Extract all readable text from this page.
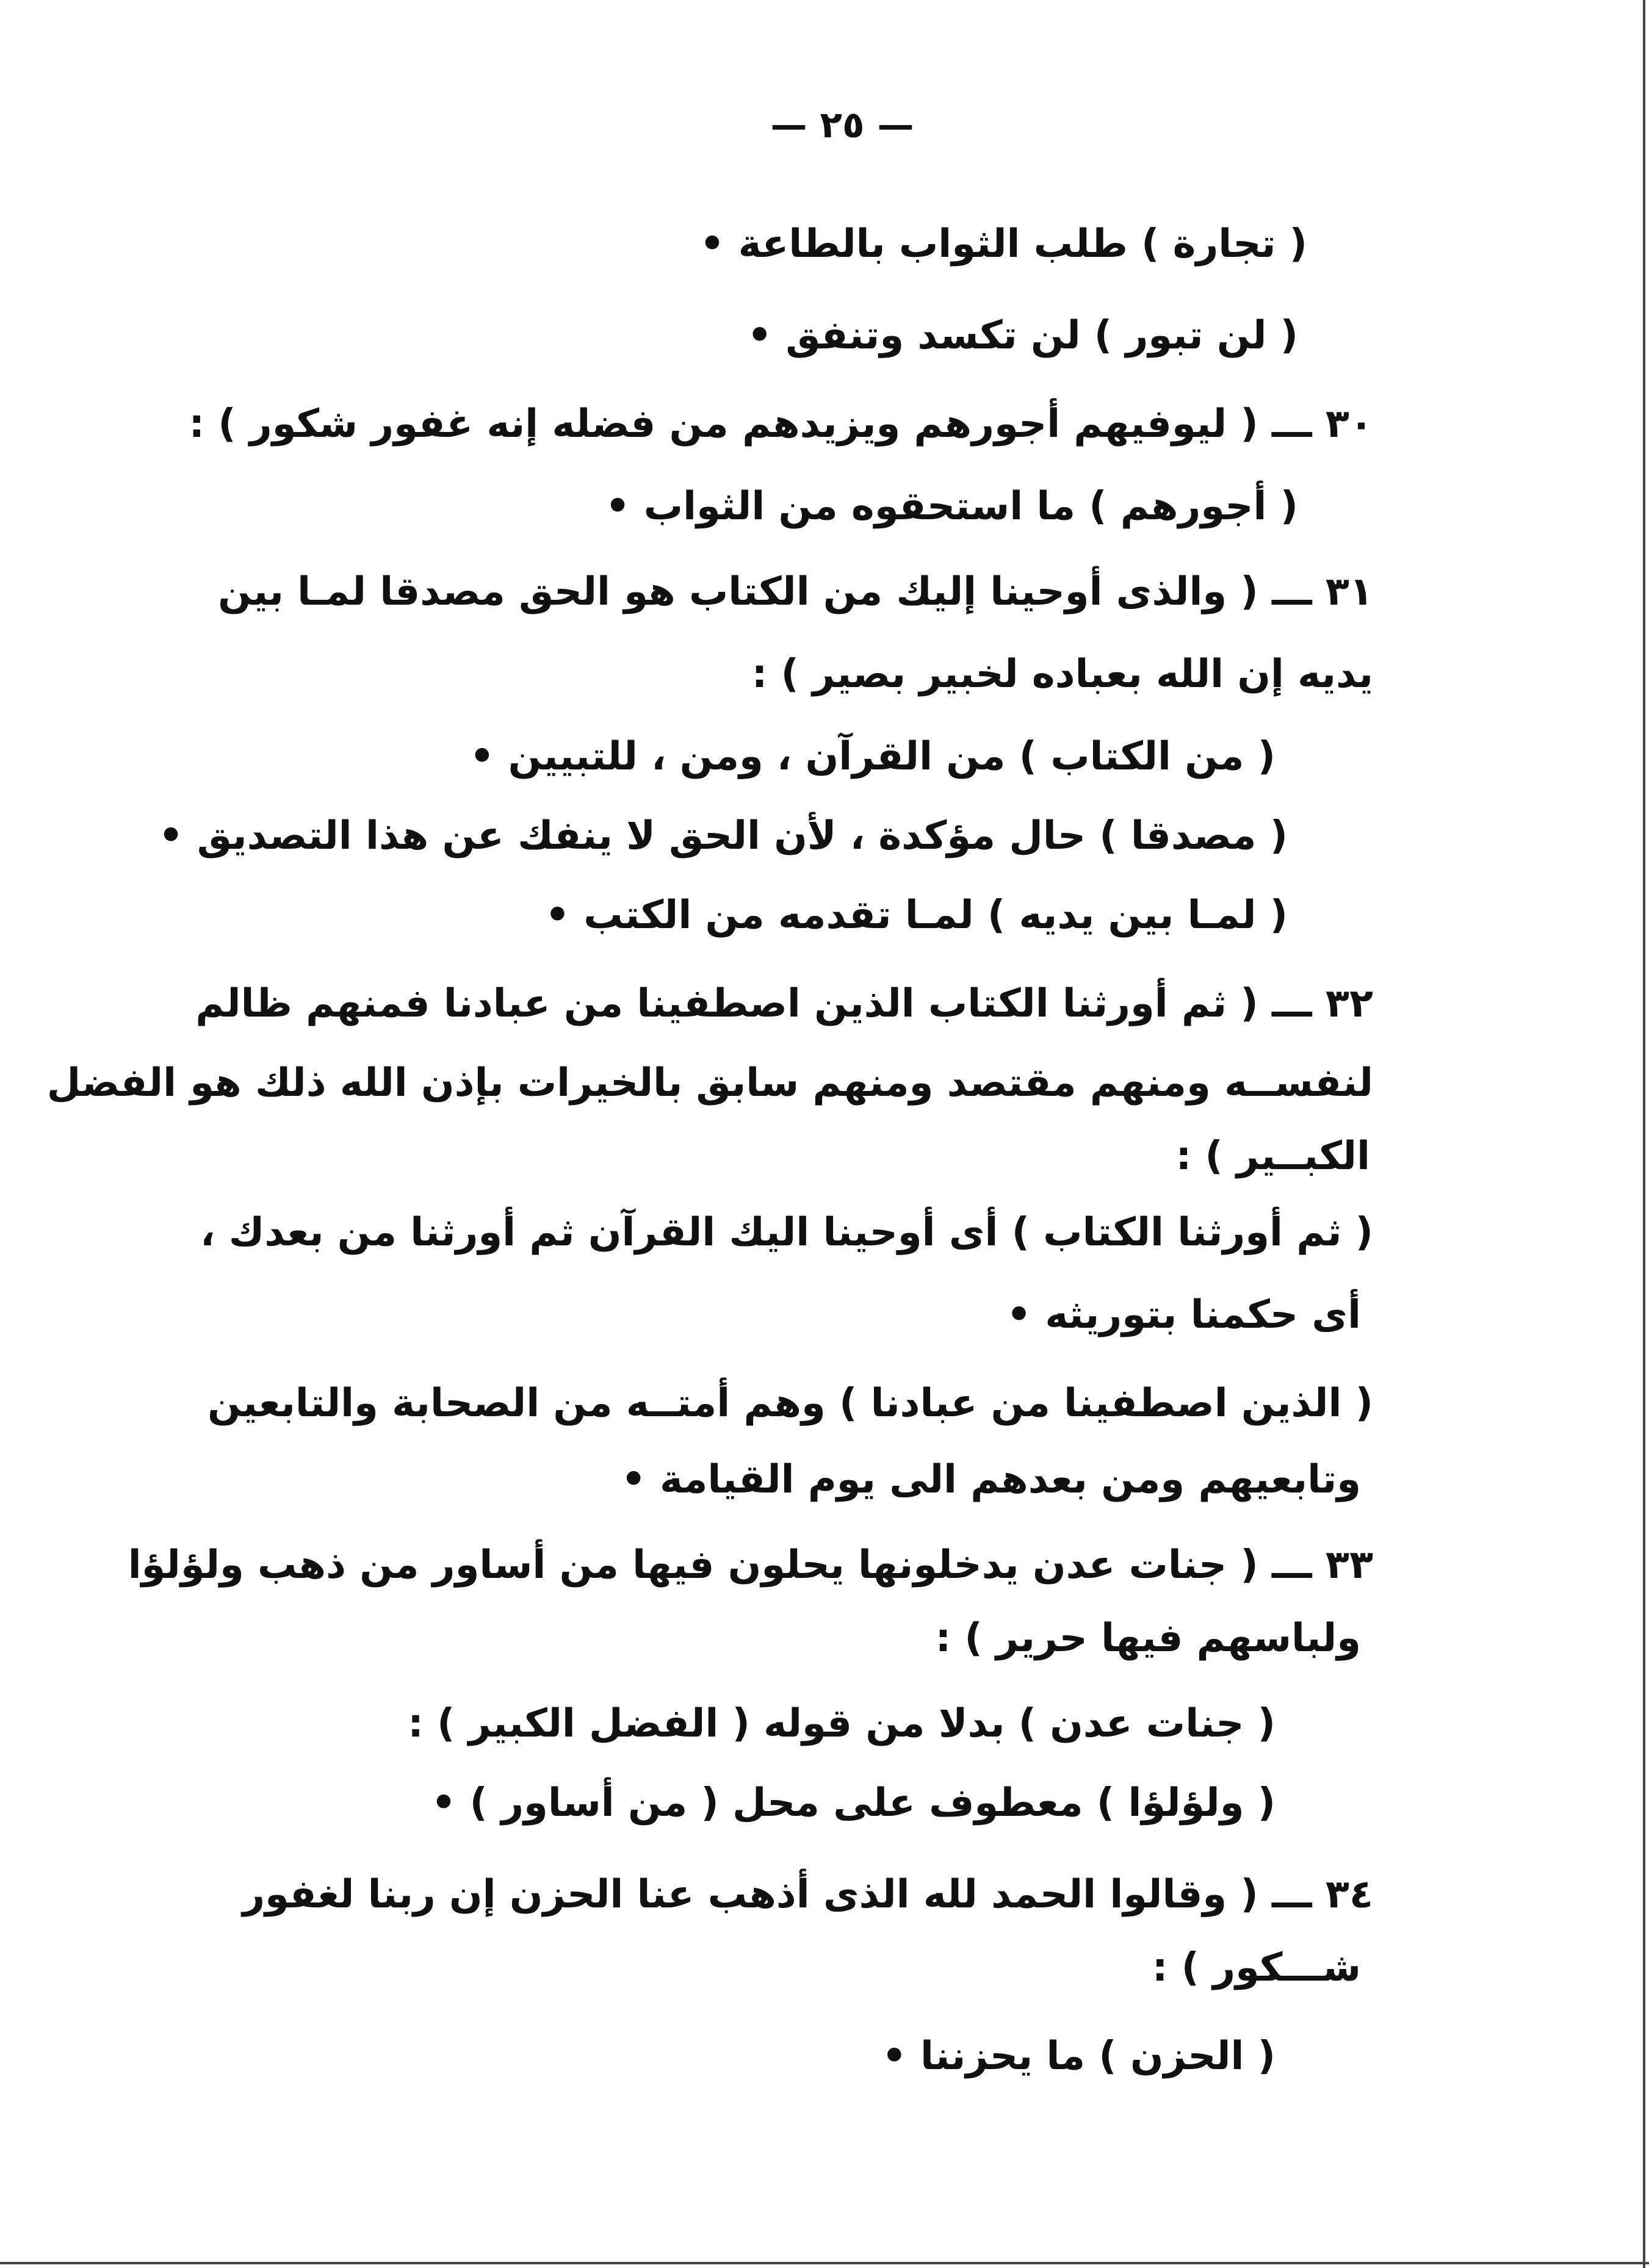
— ٢٥ —
( تجارة ) طلب الثواب بالطاعة •
( لن تبور ) لن تكسد وتنفق •
٣٠ ـــ ( ليوفيهم أجورهم ويزيدهم من فضله إنه غفور شكور ) :
( أجورهم ) ما استحقوه من الثواب •
٣١ ـــ ( والذى أوحينا إليك من الكتاب هو الحق مصدقا لمـا بين
يديه إن الله بعباده لخبير بصير ) :
( من الكتاب ) من القرآن ، ومن ، للتبيين •
( مصدقا ) حال مؤكدة ، لأن الحق لا ينفك عن هذا التصديق •
( لمـا بين يديه ) لمـا تقدمه من الكتب •
٣٢ ـــ ( ثم أورثنا الكتاب الذين اصطفينا من عبادنا فمنهم ظالم
لنفســه ومنهم مقتصد ومنهم سابق بالخيرات بإذن الله ذلك هو الفضل
الكبــير ) :
( ثم أورثنا الكتاب ) أى أوحينا اليك القرآن ثم أورثنا من بعدك ،
أى حكمنا بتوريثه •
( الذين اصطفينا من عبادنا ) وهم أمتــه من الصحابة والتابعين
وتابعيهم ومن بعدهم الى يوم القيامة •
٣٣ ـــ ( جنات عدن يدخلونها يحلون فيها من أساور من ذهب ولؤلؤا
ولباسهم فيها حرير ) :
( جنات عدن ) بدلا من قوله ( الفضل الكبير ) :
( ولؤلؤا ) معطوف على محل ( من أساور ) •
٣٤ ـــ ( وقالوا الحمد لله الذى أذهب عنا الحزن إن ربنا لغفور
شـــكور ) :
( الحزن ) ما يحزننا •
